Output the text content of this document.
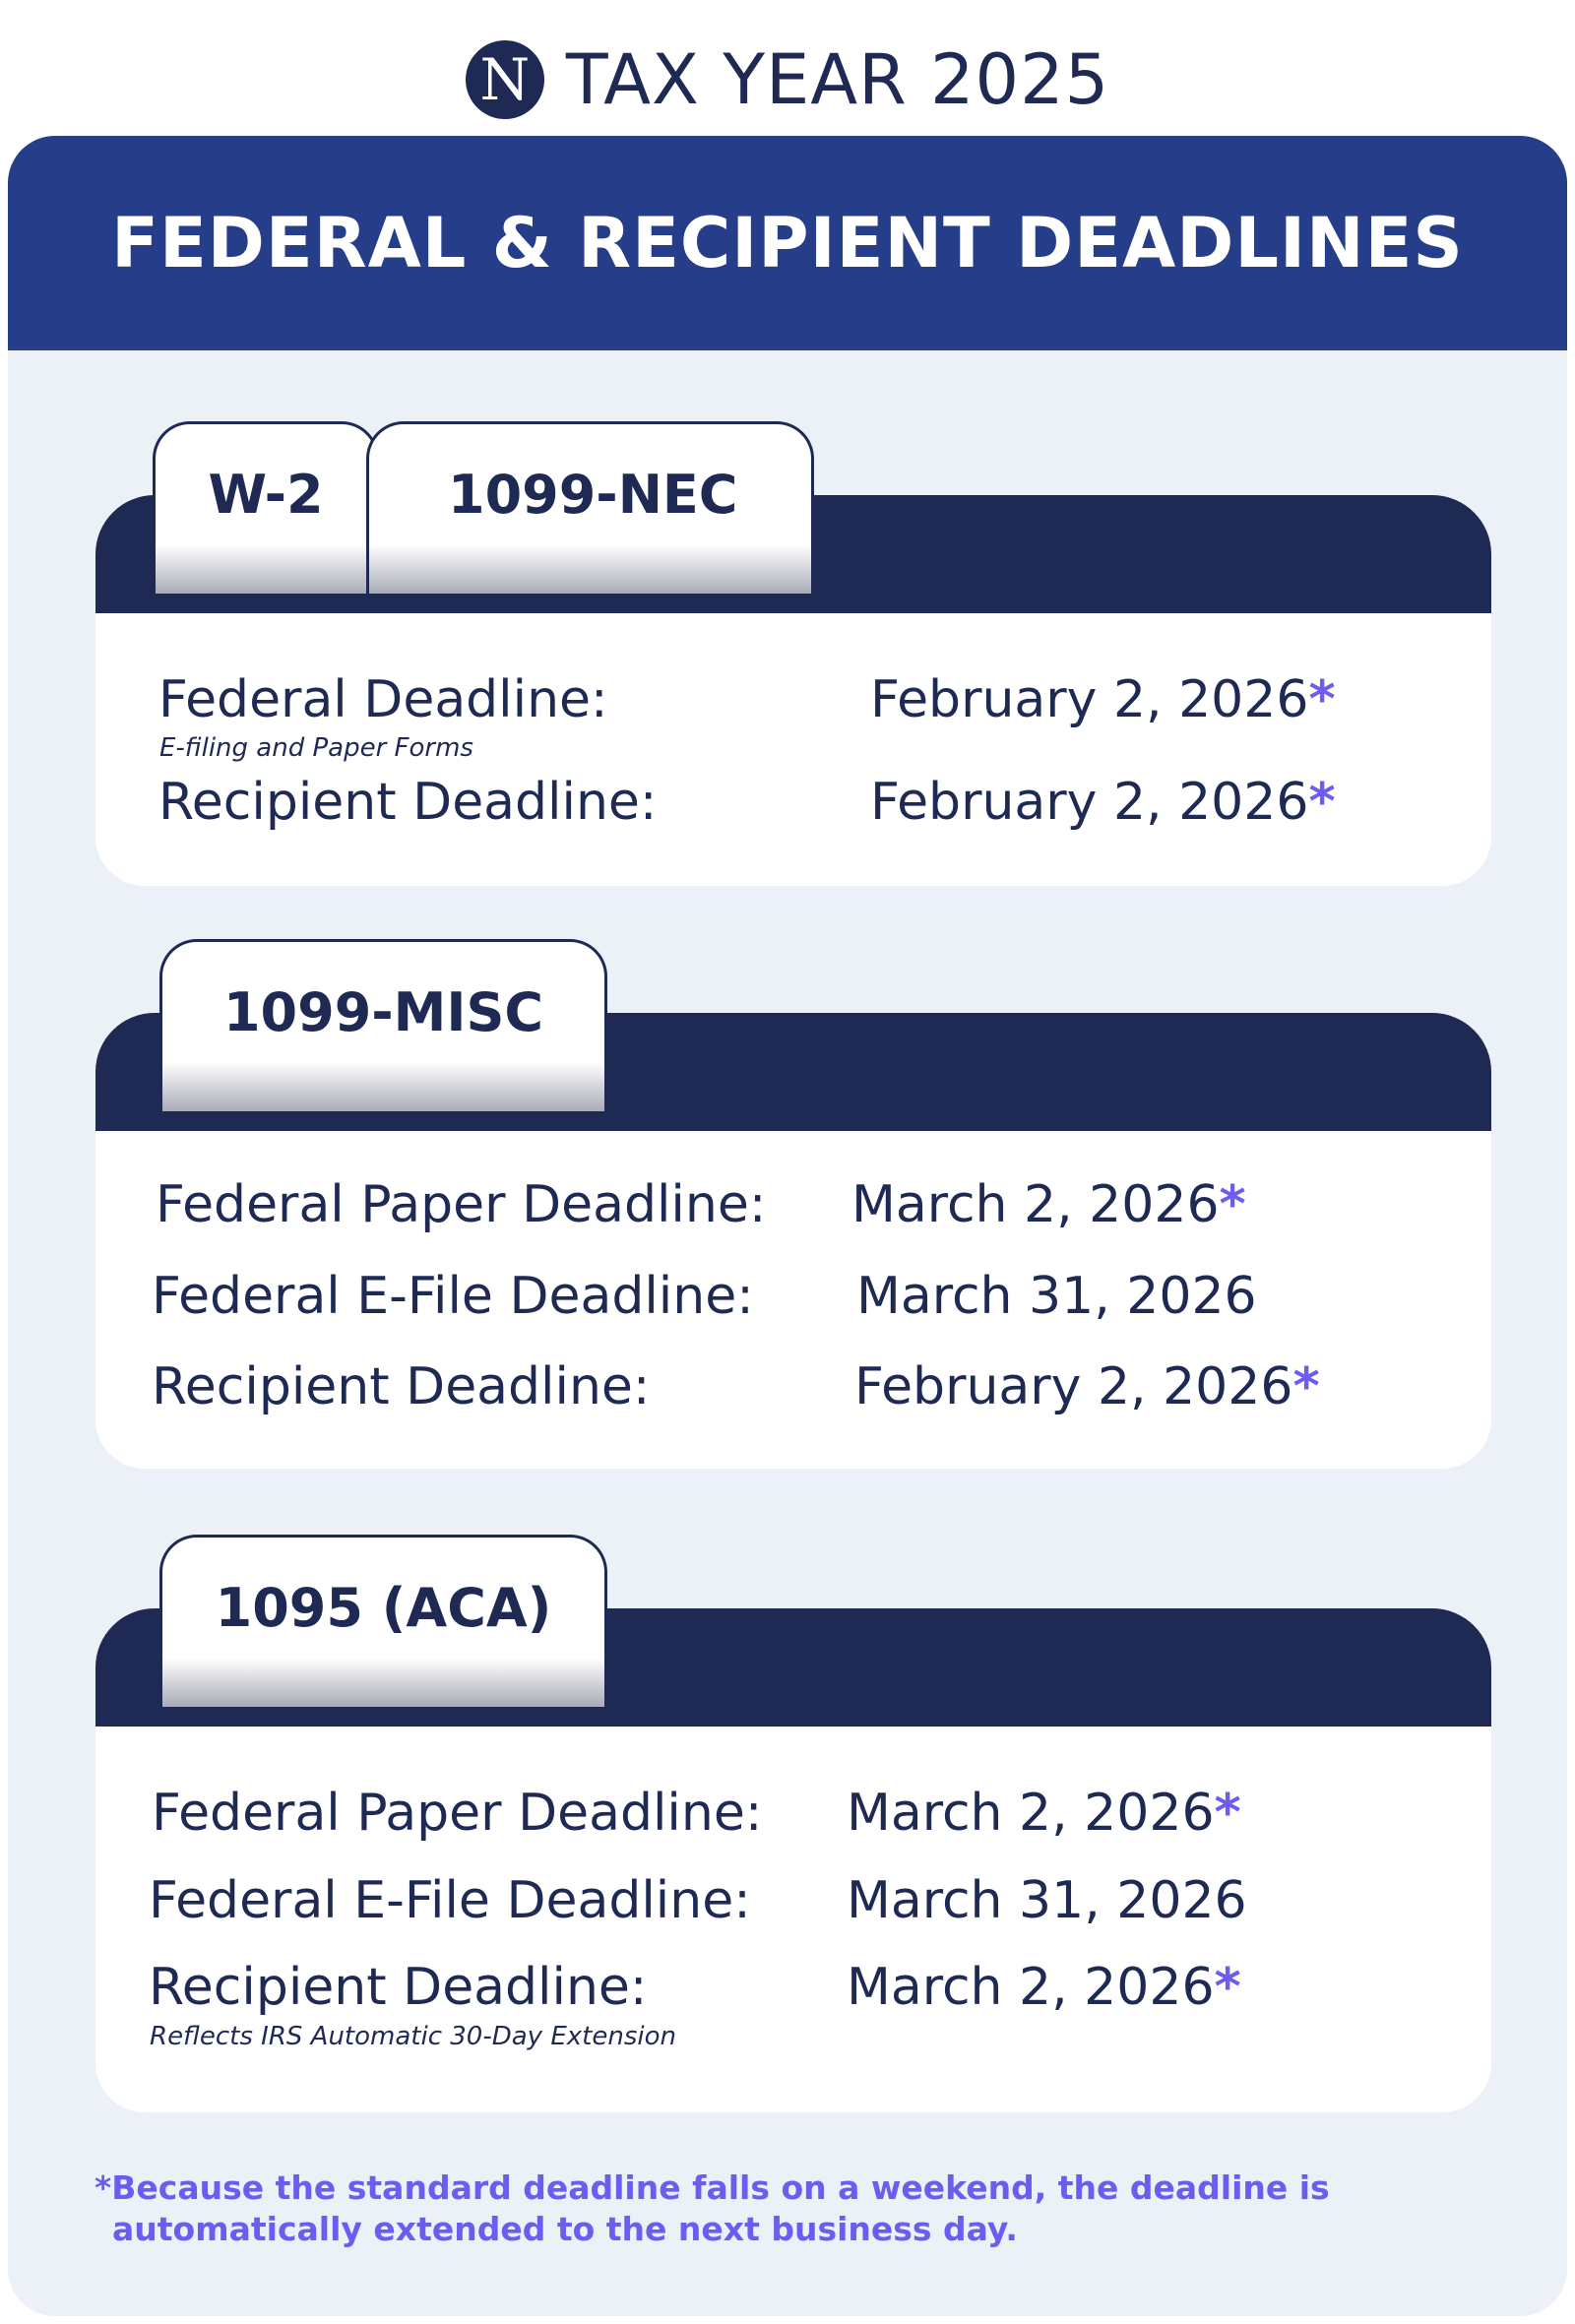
N TAX YEAR 2025
FEDERAL & RECIPIENT DEADLINES
W-2 1099-NEC
Federal Deadline:	February 2, 2026*
E-filing and Paper Forms
Recipient Deadline:	February 2, 2026*
1099-MISC
Federal Paper Deadline: March 2, 2026*
Federal E-File Deadline: March 31, 2026
Recipient Deadline:	February 2, 2026*
1095 (ACA)
Federal Paper Deadline: March 2, 2026*
Federal E-File Deadline: March 31, 2026
Recipient Deadline:	March 2, 2026*
Reflects IRS Automatic 30-Day Extension
*Because the standard deadline falls on a weekend, the deadline is
automatically extended to the next business day.
